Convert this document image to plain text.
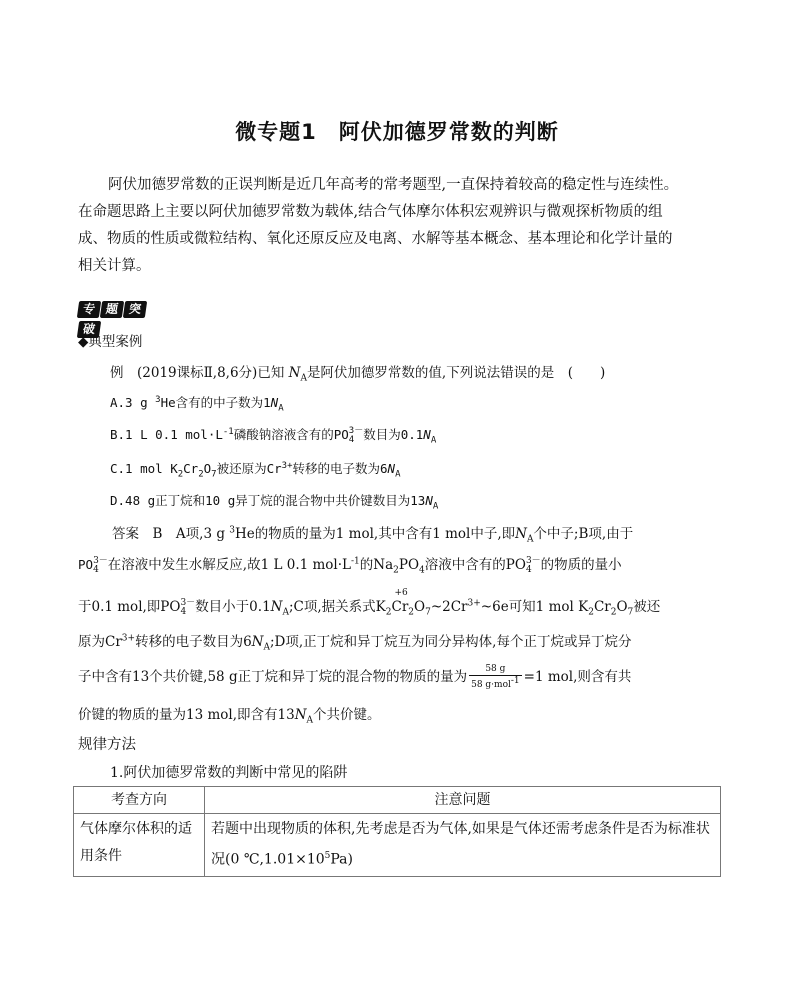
微专题1　阿伏加德罗常数的判断
阿伏加德罗常数的正误判断是近几年高考的常考题型,一直保持着较高的稳定性与连续性。
在命题思路上主要以阿伏加德罗常数为载体,结合气体摩尔体积宏观辨识与微观探析物质的组
成、物质的性质或微粒结构、氧化还原反应及电离、水解等基本概念、基本理论和化学计量的
相关计算。
专 题 突破
◆典型案例
例　(2019课标Ⅱ,8,6分)已知 $N_A$是阿伏加德罗常数的值,下列说法错误的是　(　　)
A.3 g $^3$He含有的中子数为$1N_A$
B.1 L 0.1 $mol\cdot L^{-1}$磷酸钠溶液含有的PO 3－
4 数目为$0.1N_A$
C.1 mol $K_2Cr_2O_7$被还原为$Cr^{3+}$转移的电子数为$6N_A$
D.48 g正丁烷和10 g异丁烷的混合物中共价键数目为$13N_A$
答案　B　A项,3 g $^3$He的物质的量为1 mol,其中含有1 mol中子,即$N_A$个中子;B项,由于
PO 3－
4 在溶液中发生水解反应,故1 L 0.1 $mol\cdot L^{-1}$的$Na_2PO_4$溶液中含有的PO 3－
4 的物质的量小
于0.1 mol,即PO 3－
4 数目小于$0.1N_A;C$项,据关系式$K_2$
+6
$Cr_2O_7\sim 2Cr^{3+}\sim 6e$可知1 mol $K_2Cr_2O_7$被还
原为$Cr^{3+}$转移的电子数目为$6N_A;D$项,正丁烷和异丁烷互为同分异构体,每个正丁烷或异丁烷分
子中含有13个共价键,58 g正丁烷和异丁烷的混合物的物质的量为 $\frac{58 g}{58 g\cdot mol^{-1}} =1$ mol,则含有共
价键的物质的量为13 mol,即含有$13N_A$个共价键。
规律方法
1.阿伏加德罗常数的判断中常见的陷阱
考查方向	注意问题
气体摩尔体积的适用条件	若题中出现物质的体积,先考虑是否为气体,如果是气体还需考虑条件是否为标准状况(0 $℃,1.01\times 10^5Pa$)
